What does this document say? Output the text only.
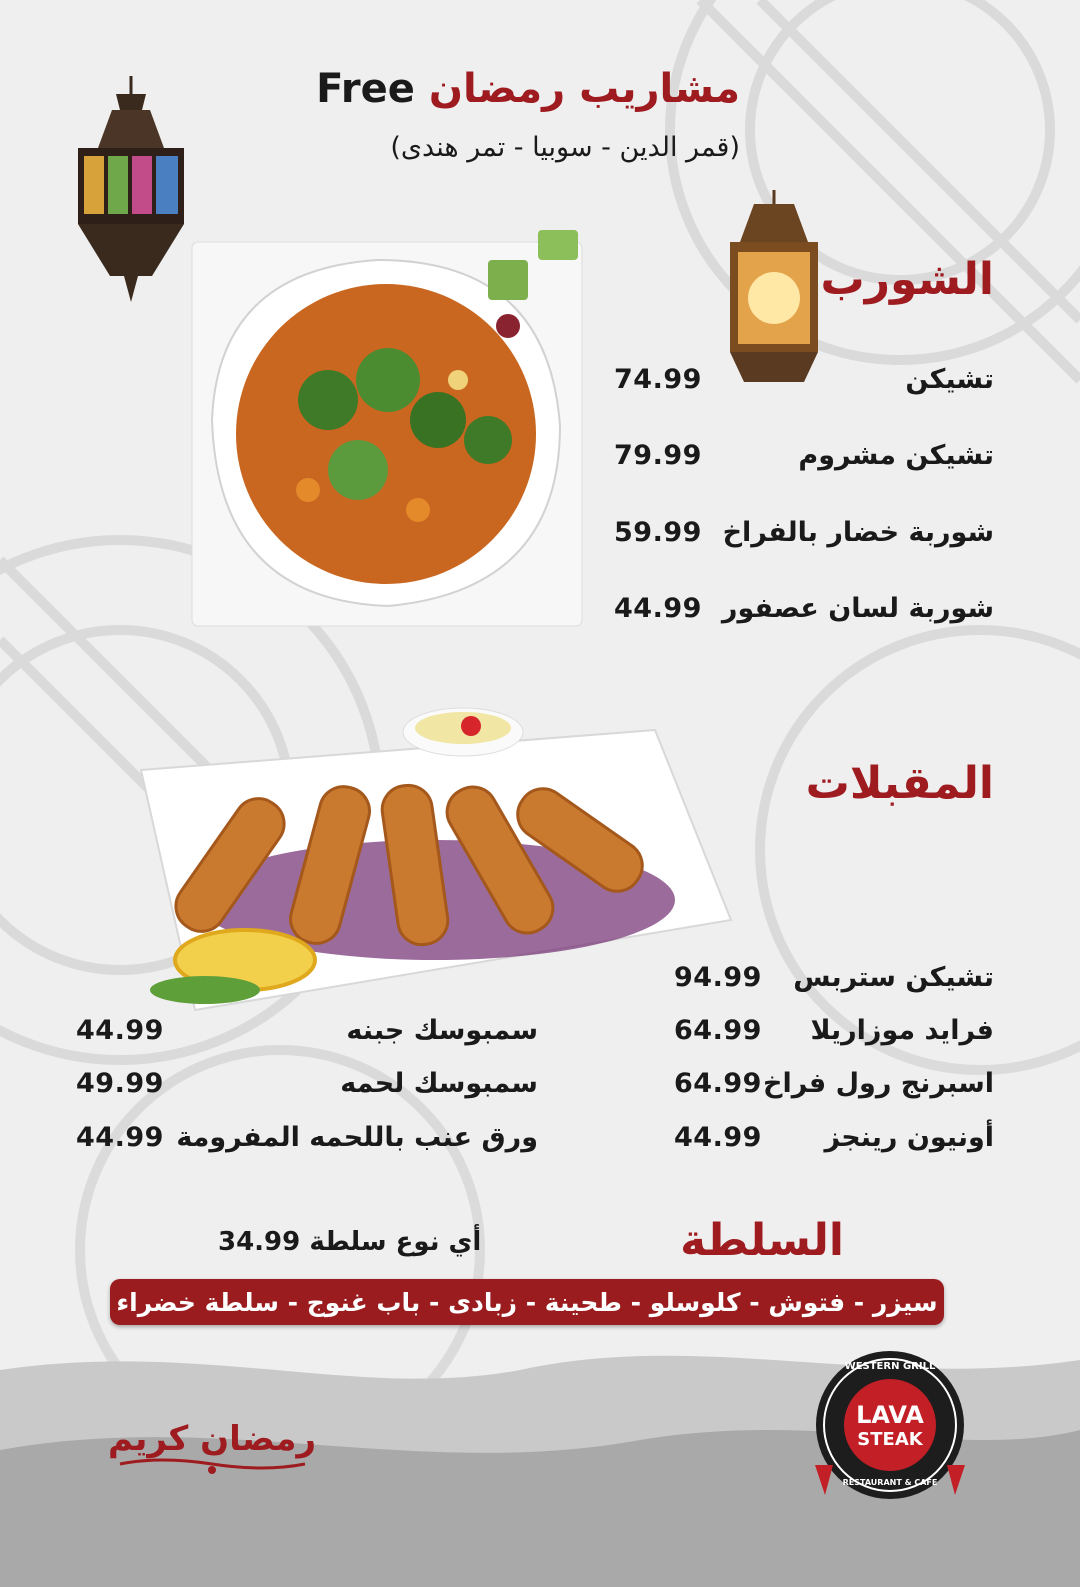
مشاريب رمضان Free
(قمر الدين - سوبيا - تمر هندى)
الشورب
تشيكن
74.99
تشيكن مشروم
79.99
شوربة خضار بالفراخ
59.99
شوربة لسان عصفور
44.99
المقبلات
تشيكن ستربس
94.99
فرايد موزاريلا
64.99
اسبرنج رول فراخ
64.99
أونيون رينجز
44.99
سمبوسك جبنه
44.99
سمبوسك لحمه
49.99
ورق عنب باللحمه المفرومة
44.99
السلطة
أي نوع سلطة 34.99
سيزر - فتوش - كلوسلو - طحينة - زبادى - باب غنوج - سلطة خضراء
رمضان كريم
WESTERN GRILL
LAVA
STEAK
RESTAURANT & CAFE
